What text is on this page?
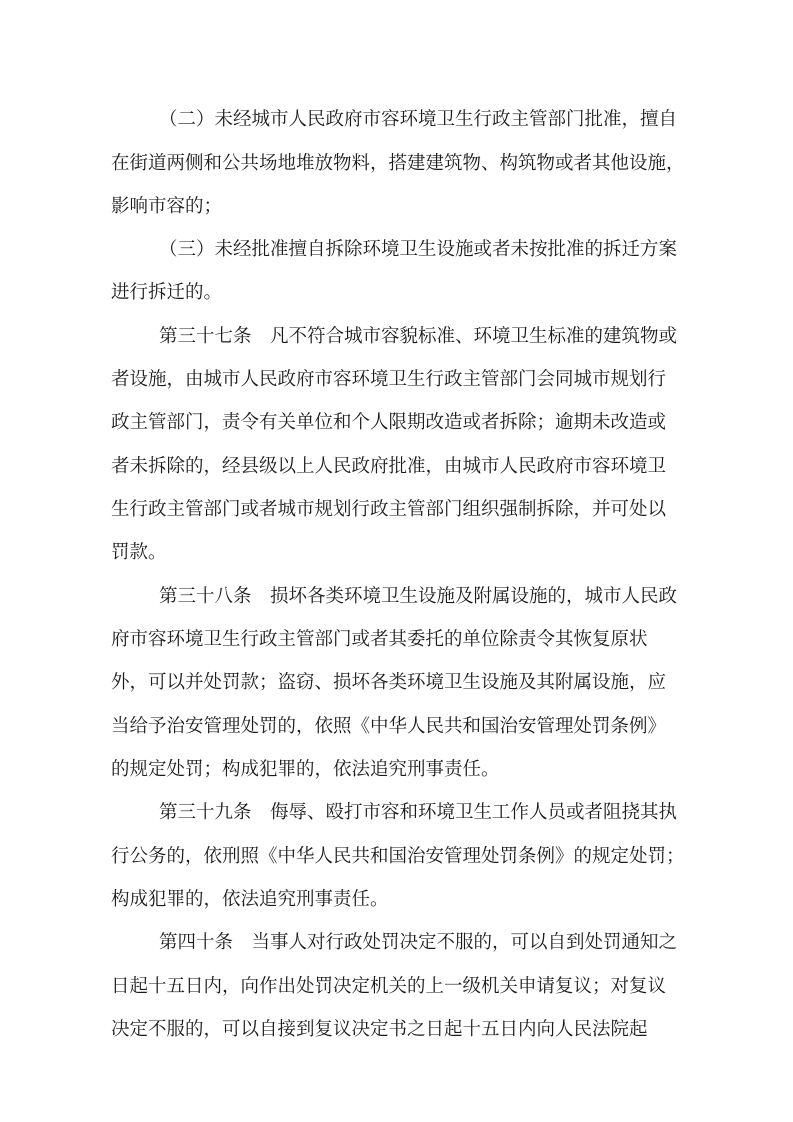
（二）未经城市人民政府市容环境卫生行政主管部门批准，擅自
在街道两侧和公共场地堆放物料，搭建建筑物、构筑物或者其他设施，
影响市容的；
（三）未经批准擅自拆除环境卫生设施或者未按批准的拆迁方案
进行拆迁的。
第三十七条　凡不符合城市容貌标准、环境卫生标准的建筑物或
者设施，由城市人民政府市容环境卫生行政主管部门会同城市规划行
政主管部门，责令有关单位和个人限期改造或者拆除；逾期未改造或
者未拆除的，经县级以上人民政府批准，由城市人民政府市容环境卫
生行政主管部门或者城市规划行政主管部门组织强制拆除，并可处以
罚款。
第三十八条　损坏各类环境卫生设施及附属设施的，城市人民政
府市容环境卫生行政主管部门或者其委托的单位除责令其恢复原状
外，可以并处罚款；盗窃、损坏各类环境卫生设施及其附属设施，应
当给予治安管理处罚的，依照《中华人民共和国治安管理处罚条例》
的规定处罚；构成犯罪的，依法追究刑事责任。
第三十九条　侮辱、殴打市容和环境卫生工作人员或者阻挠其执
行公务的，依刑照《中华人民共和国治安管理处罚条例》的规定处罚；
构成犯罪的，依法追究刑事责任。
第四十条　当事人对行政处罚决定不服的，可以自到处罚通知之
日起十五日内，向作出处罚决定机关的上一级机关申请复议；对复议
决定不服的，可以自接到复议决定书之日起十五日内向人民法院起
